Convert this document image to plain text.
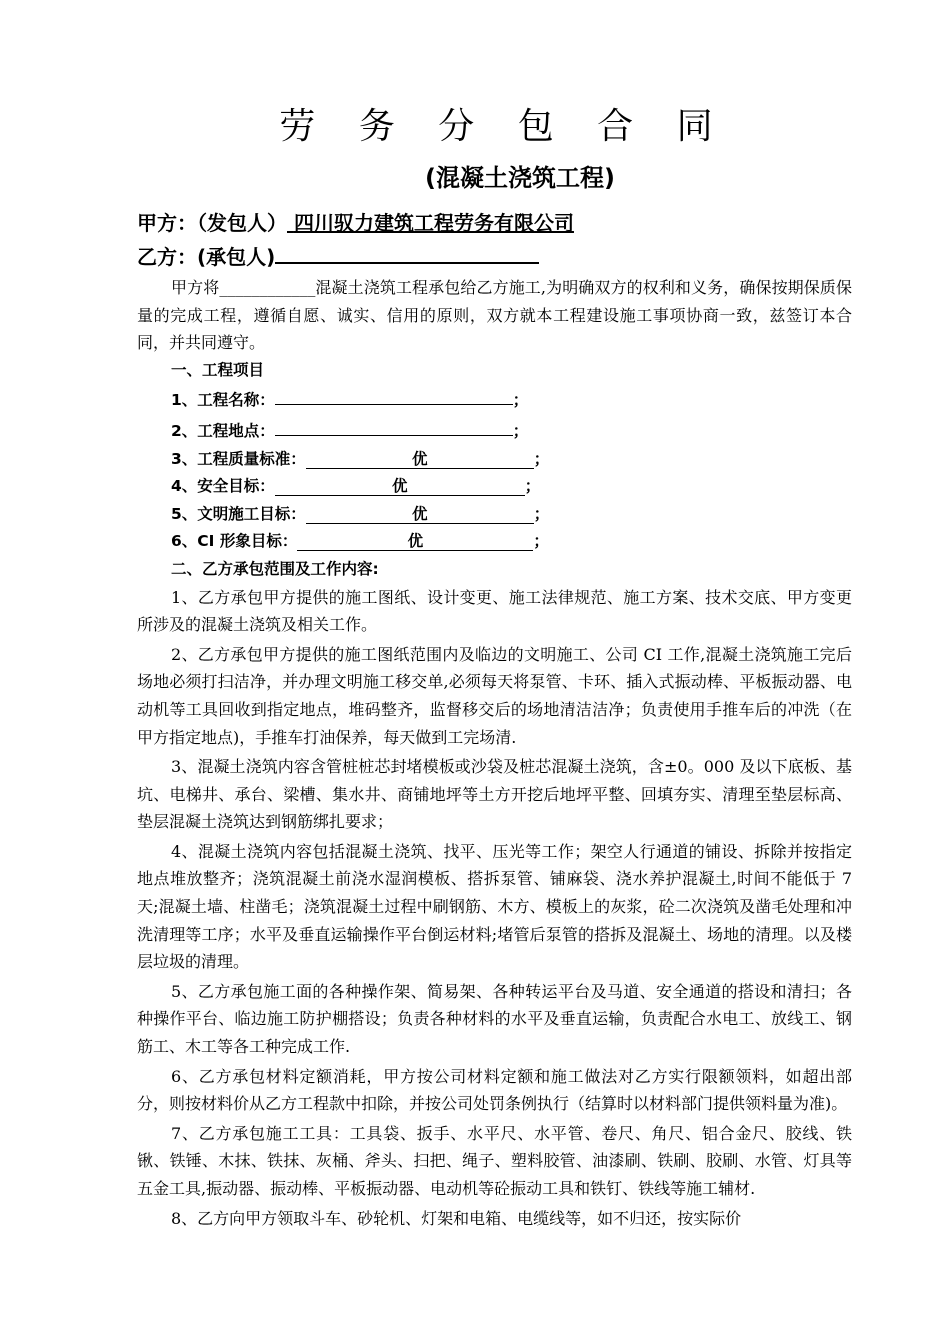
劳 务 分 包 合 同
(混凝土浇筑工程)
甲方：（发包人） 四川驭力建筑工程劳务有限公司
乙方：(承包人)

甲方将____________混凝土浇筑工程承包给乙方施工,为明确双方的权利和义务，确保按期保质保量的完成工程，遵循自愿、诚实、信用的原则，双方就本工程建设施工事项协商一致，兹签订本合同，并共同遵守。

一、工程项目

1、工程名称：	；

2、工程地点：	；

3、工程质量标准：	优	；

4、安全目标：	优	；

5、文明施工目标：	优	；

6、CI 形象目标：	优	；

二、乙方承包范围及工作内容:

1、乙方承包甲方提供的施工图纸、设计变更、施工法律规范、施工方案、技术交底、甲方变更所涉及的混凝土浇筑及相关工作。

2、乙方承包甲方提供的施工图纸范围内及临边的文明施工、公司 CI 工作,混凝土浇筑施工完后场地必须打扫洁净，并办理文明施工移交单,必须每天将泵管、卡环、插入式振动棒、平板振动器、电动机等工具回收到指定地点，堆码整齐，监督移交后的场地清洁洁净；负责使用手推车后的冲洗（在甲方指定地点)，手推车打油保养，每天做到工完场清.

3、混凝土浇筑内容含管桩桩芯封堵模板或沙袋及桩芯混凝土浇筑，含±0。000 及以下底板、基坑、电梯井、承台、梁槽、集水井、商铺地坪等土方开挖后地坪平整、回填夯实、清理至垫层标高、垫层混凝土浇筑达到钢筋绑扎要求；

4、混凝土浇筑内容包括混凝土浇筑、找平、压光等工作；架空人行通道的铺设、拆除并按指定地点堆放整齐；浇筑混凝土前浇水湿润模板、搭拆泵管、铺麻袋、浇水养护混凝土,时间不能低于 7 天;混凝土墙、柱凿毛；浇筑混凝土过程中刷钢筋、木方、模板上的灰浆，砼二次浇筑及凿毛处理和冲洗清理等工序；水平及垂直运输操作平台倒运材料;堵管后泵管的搭拆及混凝土、场地的清理。以及楼层垃圾的清理。

5、乙方承包施工面的各种操作架、简易架、各种转运平台及马道、安全通道的搭设和清扫；各种操作平台、临边施工防护棚搭设；负责各种材料的水平及垂直运输，负责配合水电工、放线工、钢筋工、木工等各工种完成工作.

6、乙方承包材料定额消耗，甲方按公司材料定额和施工做法对乙方实行限额领料，如超出部分，则按材料价从乙方工程款中扣除，并按公司处罚条例执行（结算时以材料部门提供领料量为准)。

7、乙方承包施工工具：工具袋、扳手、水平尺、水平管、卷尺、角尺、铝合金尺、胶线、铁锹、铁锤、木抹、铁抹、灰桶、斧头、扫把、绳子、塑料胶管、油漆刷、铁刷、胶刷、水管、灯具等五金工具,振动器、振动棒、平板振动器、电动机等砼振动工具和铁钉、铁线等施工辅材.

8、乙方向甲方领取斗车、砂轮机、灯架和电箱、电缆线等，如不归还，按实际价
